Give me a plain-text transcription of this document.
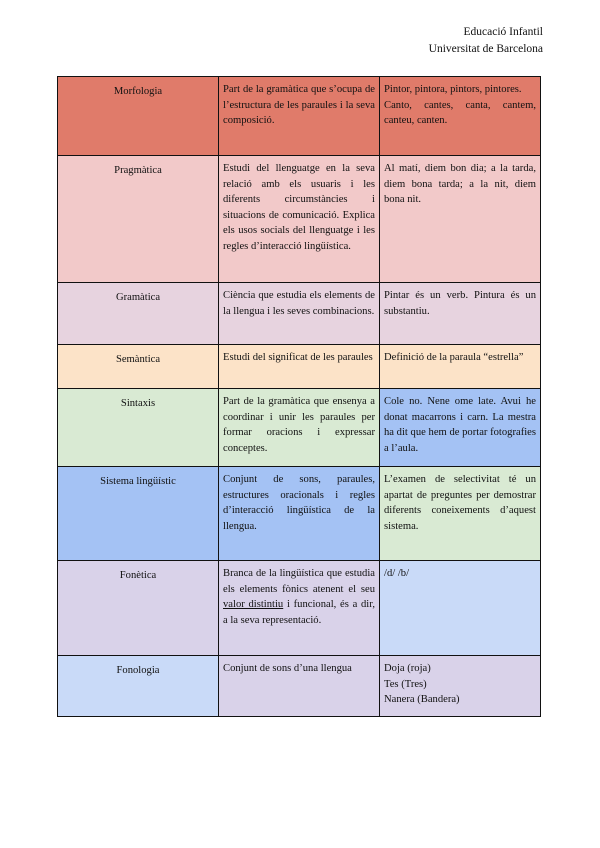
Educació Infantil
Universitat de Barcelona
Morfologia	Part de la gramàtica que s’ocupa de l’estructura de les paraules i la seva composició.	Pintor, pintora, pintors, pintores.
Canto, cantes, canta, cantem, canteu, canten.

Pragmàtica	Estudi del llenguatge en la seva relació amb els usuaris i les diferents circumstàncies i situacions de comunicació. Explica els usos socials del llenguatge i les regles d’interacció lingüística.	Al matí, diem bon dia; a la tarda, diem bona tarda; a la nit, diem bona nit.

Gramàtica	Ciència que estudia els elements de la llengua i les seves combinacions.	Pintar és un verb. Pintura és un substantiu.

Semàntica	Estudi del significat de les paraules	Definició de la paraula “estrella”

Sintaxis	Part de la gramàtica que ensenya a coordinar i unir les paraules per formar oracions i expressar conceptes.	Cole no. Nene ome late. Avui he donat macarrons i carn. La mestra ha dit que hem de portar fotografies a l’aula.

Sistema lingüístic	Conjunt de sons, paraules, estructures oracionals i regles d’interacció lingüística de la llengua.	L’examen de selectivitat té un apartat de preguntes per demostrar diferents coneixements d’aquest sistema.

Fonètica	Branca de la lingüística que estudia els elements fònics atenent el seu valor distintiu i funcional, és a dir, a la seva representació.	/d/ /b/

Fonologia	Conjunt de sons d’una llengua	Doja (roja)
Tes (Tres)
Nanera (Bandera)
